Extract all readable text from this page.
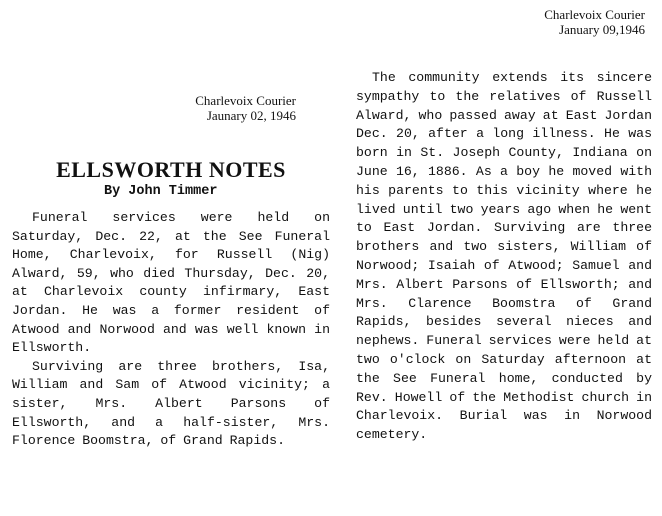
Charlevoix Courier
January 09,1946
Charlevoix Courier
Jaunary 02, 1946
ELLSWORTH NOTES
By John Timmer

Funeral services were held on Saturday, Dec. 22, at the See Funeral Home, Charlevoix, for Russell (Nig) Alward, 59, who died Thursday, Dec. 20, at Charlevoix county infirmary, East Jordan. He was a former resident of Atwood and Norwood and was well known in Ellsworth.

Surviving are three brothers, Isa, William and Sam of Atwood vicinity; a sister, Mrs. Albert Parsons of Ellsworth, and a half-sister, Mrs. Florence Boomstra, of Grand Rapids.

The community extends its sincere sympathy to the relatives of Russell Alward, who passed away at East Jordan Dec. 20, after a long illness. He was born in St. Joseph County, Indiana on June 16, 1886. As a boy he moved with his parents to this vicinity where he lived until two years ago when he went to East Jordan. Surviving are three brothers and two sisters, William of Norwood; Isaiah of Atwood; Samuel and Mrs. Albert Parsons of Ellsworth; and Mrs. Clarence Boomstra of Grand Rapids, besides several nieces and nephews. Funeral services were held at two o'clock on Saturday afternoon at the See Funeral home, conducted by Rev. Howell of the Methodist church in Charlevoix. Burial was in Norwood cemetery.
